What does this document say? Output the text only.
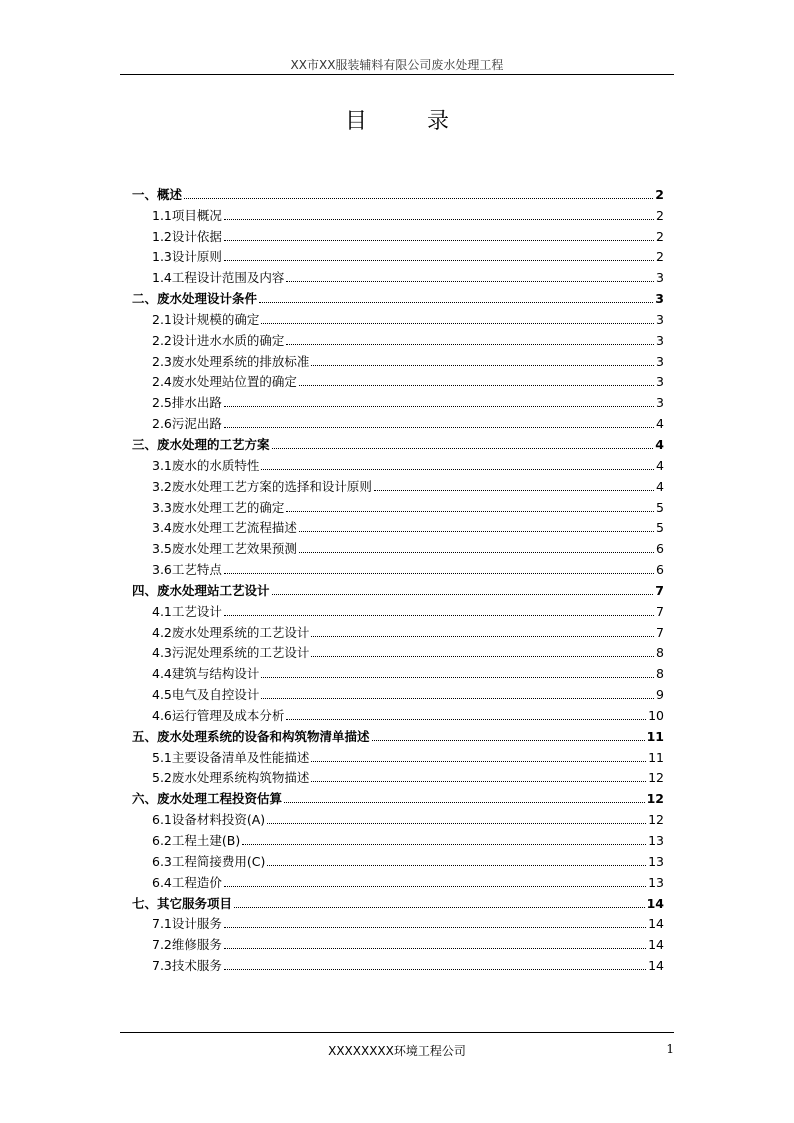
XX市XX服装辅料有限公司废水处理工程
目录
一、概述	2
1.1项目概况	2
1.2设计依据	2
1.3设计原则	2
1.4工程设计范围及内容	3
二、废水处理设计条件	3
2.1设计规模的确定	3
2.2设计进水水质的确定	3
2.3废水处理系统的排放标准	3
2.4废水处理站位置的确定	3
2.5排水出路	3
2.6污泥出路	4
三、废水处理的工艺方案	4
3.1废水的水质特性	4
3.2废水处理工艺方案的选择和设计原则	4
3.3废水处理工艺的确定	5
3.4废水处理工艺流程描述	5
3.5废水处理工艺效果预测	6
3.6工艺特点	6
四、废水处理站工艺设计	7
4.1工艺设计	7
4.2废水处理系统的工艺设计	7
4.3污泥处理系统的工艺设计	8
4.4建筑与结构设计	8
4.5电气及自控设计	9
4.6运行管理及成本分析	10
五、废水处理系统的设备和构筑物清单描述	11
5.1主要设备清单及性能描述	11
5.2废水处理系统构筑物描述	12
六、废水处理工程投资估算	12
6.1设备材料投资(A)	12
6.2工程土建(B)	13
6.3工程简接费用(C)	13
6.4工程造价	13
七、其它服务项目	14
7.1设计服务	14
7.2维修服务	14
7.3技术服务	14
XXXXXXXX环境工程公司	1
